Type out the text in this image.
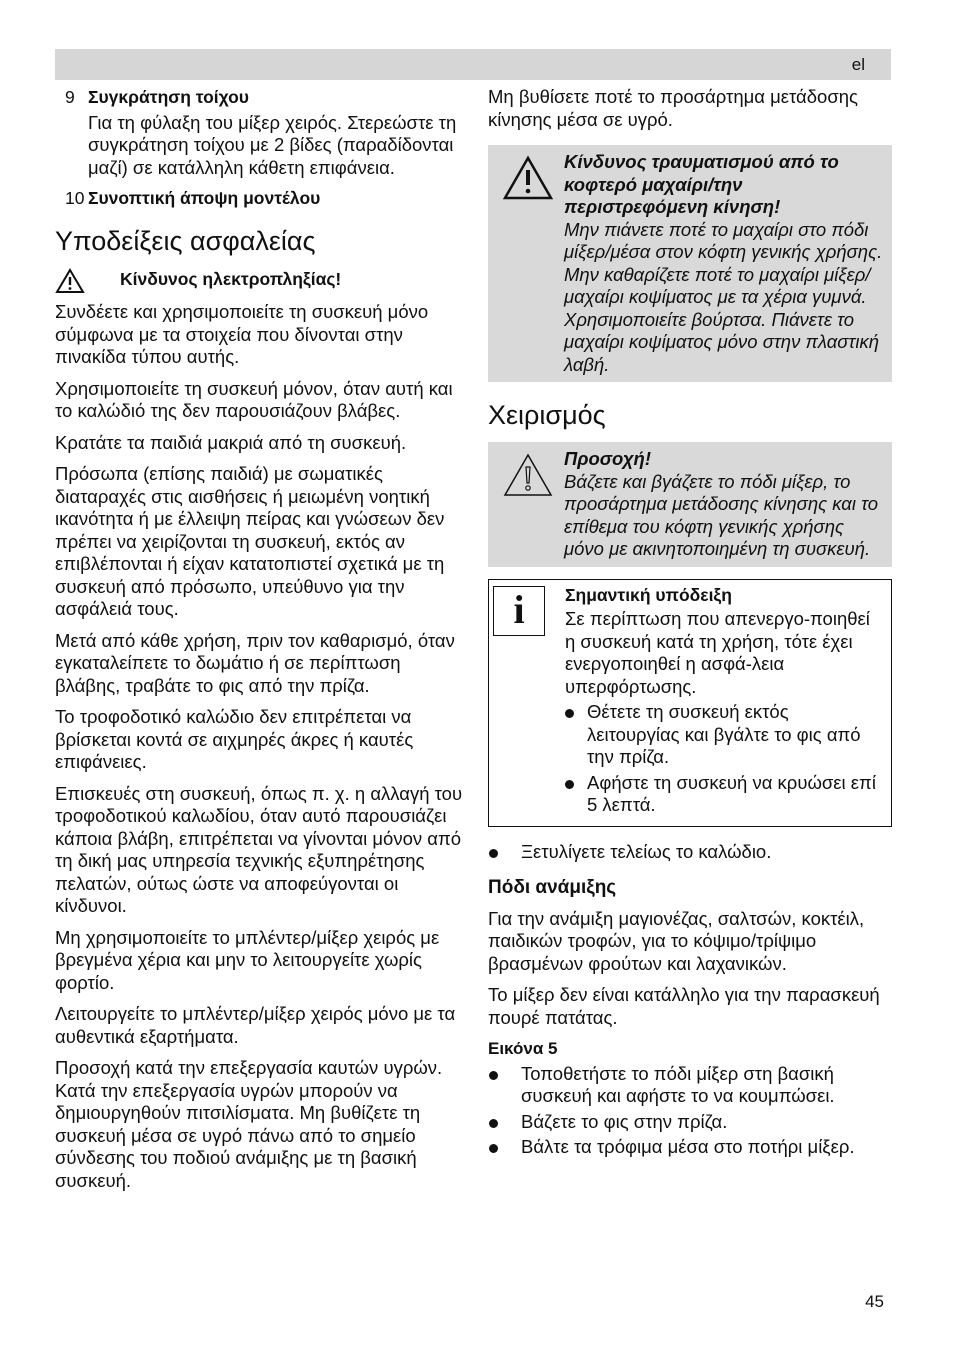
el
9 Συγκράτηση τοίχου

Για τη φύλαξη του μίξερ χειρός. Στερεώστε τη συγκράτηση τοίχου με 2 βίδες (παραδίδονται μαζί) σε κατάλληλη κάθετη επιφάνεια.

10 Συνοπτική άποψη μοντέλου
Υποδείξεις ασφαλείας
Κίνδυνος ηλεκτροπληξίας!

Συνδέετε και χρησιμοποιείτε τη συσκευή μόνο σύμφωνα με τα στοιχεία που δίνονται στην πινακίδα τύπου αυτής.

Χρησιμοποιείτε τη συσκευή μόνον, όταν αυτή και το καλώδιό της δεν παρουσιάζουν βλάβες.

Κρατάτε τα παιδιά μακριά από τη συσκευή.

Πρόσωπα (επίσης παιδιά) με σωματικές διαταραχές στις αισθήσεις ή μειωμένη νοητική ικανότητα ή με έλλειψη πείρας και γνώσεων δεν πρέπει να χειρίζονται τη συσκευή, εκτός αν επιβλέπονται ή είχαν κατατοπιστεί σχετικά με τη συσκευή από πρόσωπο, υπεύθυνο για την ασφάλειά τους.

Μετά από κάθε χρήση, πριν τον καθαρισμό, όταν εγκαταλείπετε το δωμάτιο ή σε περίπτωση βλάβης, τραβάτε το φις από την πρίζα.

Το τροφοδοτικό καλώδιο δεν επιτρέπεται να βρίσκεται κοντά σε αιχμηρές άκρες ή καυτές επιφάνειες.

Επισκευές στη συσκευή, όπως π. χ. η αλλαγή του τροφοδοτικού καλωδίου, όταν αυτό παρουσιάζει κάποια βλάβη, επιτρέπεται να γίνονται μόνον από τη δική μας υπηρεσία τεχνικής εξυπηρέτησης πελατών, ούτως ώστε να αποφεύγονται οι κίνδυνοι.

Μη χρησιμοποιείτε το μπλέντερ/μίξερ χειρός με βρεγμένα χέρια και μην το λειτουργείτε χωρίς φορτίο.

Λειτουργείτε το μπλέντερ/μίξερ χειρός μόνο με τα αυθεντικά εξαρτήματα.

Προσοχή κατά την επεξεργασία καυτών υγρών. Κατά την επεξεργασία υγρών μπορούν να δημιουργηθούν πιτσιλίσματα. Μη βυθίζετε τη συσκευή μέσα σε υγρό πάνω από το σημείο σύνδεσης του ποδιού ανάμιξης με τη βασική συσκευή.

Μη βυθίσετε ποτέ το προσάρτημα μετάδοσης κίνησης μέσα σε υγρό.

Κίνδυνος τραυματισμού από το κοφτερό μαχαίρι/την περιστρεφόμενη κίνηση!
Μην πιάνετε ποτέ το μαχαίρι στο πόδι μίξερ/μέσα στον κόφτη γενικής χρήσης. Μην καθαρίζετε ποτέ το μαχαίρι μίξερ/μαχαίρι κοψίματος με τα χέρια γυμνά. Χρησιμοποιείτε βούρτσα. Πιάνετε το μαχαίρι κοψίματος μόνο στην πλαστική λαβή.
Χειρισμός
Προσοχή!
Βάζετε και βγάζετε το πόδι μίξερ, το προσάρτημα μετάδοσης κίνησης και το επίθεμα του κόφτη γενικής χρήσης μόνο με ακινητοποιημένη τη συσκευή.
i	Σημαντική υπόδειξη
Σε περίπτωση που απενεργο-ποιηθεί η συσκευή κατά τη χρήση, τότε έχει ενεργοποιηθεί η ασφά-λεια υπερφόρτωσης.
Θέτετε τη συσκευή εκτός λειτουργίας και βγάλτε το φις από την πρίζα.
Αφήστε τη συσκευή να κρυώσει επί 5 λεπτά.
Ξετυλίγετε τελείως το καλώδιο.
Πόδι ανάμιξης

Για την ανάμιξη μαγιονέζας, σαλτσών, κοκτέιλ, παιδικών τροφών, για το κόψιμο/τρίψιμο βρασμένων φρούτων και λαχανικών.

Το μίξερ δεν είναι κατάλληλο για την παρασκευή πουρέ πατάτας.

Εικόνα 5
Τοποθετήστε το πόδι μίξερ στη βασική συσκευή και αφήστε το να κουμπώσει.
Βάζετε το φις στην πρίζα.
Βάλτε τα τρόφιμα μέσα στο ποτήρι μίξερ.
45
